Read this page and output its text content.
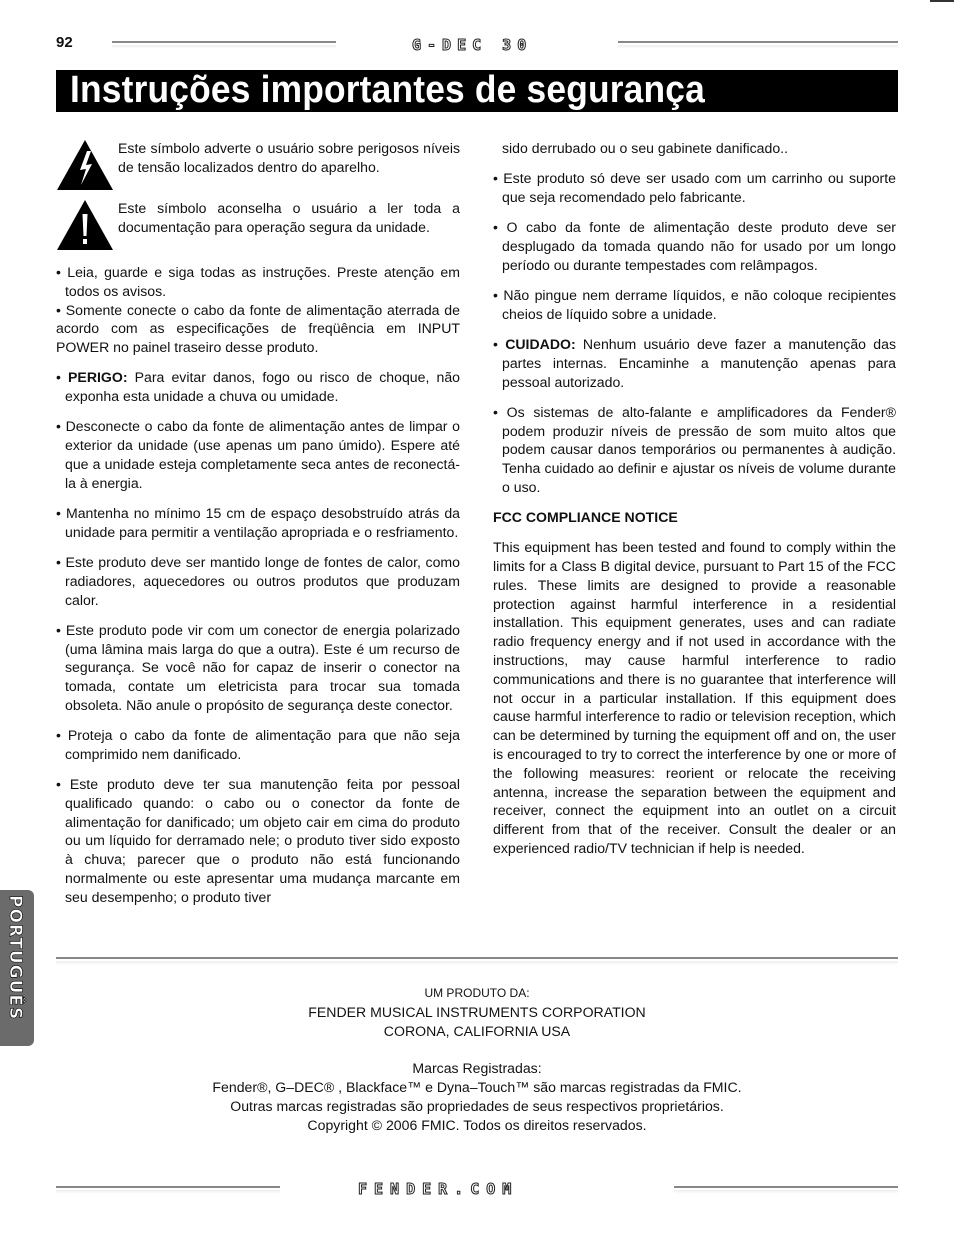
92	G-DEC 30
Instruções importantes de segurança
Este símbolo adverte o usuário sobre perigosos níveis de tensão localizados dentro do aparelho.
Este símbolo aconselha o usuário a ler toda a documentação para operação segura da unidade.

• Leia, guarde e siga todas as instruções. Preste atenção em todos os avisos.

• Somente conecte o cabo da fonte de alimentação aterrada de acordo com as especificações de freqüência em INPUT POWER no painel traseiro desse produto.

• PERIGO: Para evitar danos, fogo ou risco de choque, não exponha esta unidade a chuva ou umidade.

• Desconecte o cabo da fonte de alimentação antes de limpar o exterior da unidade (use apenas um pano úmido). Espere até que a unidade esteja completamente seca antes de reconectá-la à energia.

• Mantenha no mínimo 15 cm de espaço desobstruído atrás da unidade para permitir a ventilação apropriada e o resfriamento.

• Este produto deve ser mantido longe de fontes de calor, como radiadores, aquecedores ou outros produtos que produzam calor.

• Este produto pode vir com um conector de energia polarizado (uma lâmina mais larga do que a outra). Este é um recurso de segurança. Se você não for capaz de inserir o conector na tomada, contate um eletricista para trocar sua tomada obsoleta. Não anule o propósito de segurança deste conector.

• Proteja o cabo da fonte de alimentação para que não seja comprimido nem danificado.

• Este produto deve ter sua manutenção feita por pessoal qualificado quando: o cabo ou o conector da fonte de alimentação for danificado; um objeto cair em cima do produto ou um líquido for derramado nele; o produto tiver sido exposto à chuva; parecer que o produto não está funcionando normalmente ou este apresentar uma mudança marcante em seu desempenho; o produto tiver

sido derrubado ou o seu gabinete danificado..

• Este produto só deve ser usado com um carrinho ou suporte que seja recomendado pelo fabricante.

• O cabo da fonte de alimentação deste produto deve ser desplugado da tomada quando não for usado por um longo período ou durante tempestades com relâmpagos.

• Não pingue nem derrame líquidos, e não coloque recipientes cheios de líquido sobre a unidade.

• CUIDADO: Nenhum usuário deve fazer a manutenção das partes internas. Encaminhe a manutenção apenas para pessoal autorizado.

• Os sistemas de alto-falante e amplificadores da Fender® podem produzir níveis de pressão de som muito altos que podem causar danos temporários ou permanentes à audição. Tenha cuidado ao definir e ajustar os níveis de volume durante o uso.

FCC COMPLIANCE NOTICE

This equipment has been tested and found to comply within the limits for a Class B digital device, pursuant to Part 15 of the FCC rules. These limits are designed to provide a reasonable protection against harmful interference in a residential installation. This equipment generates, uses and can radiate radio frequency energy and if not used in accordance with the instructions, may cause harmful interference to radio communications and there is no guarantee that interference will not occur in a particular installation. If this equipment does cause harmful interference to radio or television reception, which can be determined by turning the equipment off and on, the user is encouraged to try to correct the interference by one or more of the following measures: reorient or relocate the receiving antenna, increase the separation between the equipment and receiver, connect the equipment into an outlet on a circuit different from that of the receiver. Consult the dealer or an experienced radio/TV technician if help is needed.

PORTUGUÊS	UM PRODUTO DA:
FENDER MUSICAL INSTRUMENTS CORPORATION
CORONA, CALIFORNIA USA
Marcas Registradas:
Fender®, G–DEC® , Blackface™ e Dyna–Touch™ são marcas registradas da FMIC.
Outras marcas registradas são propriedades de seus respectivos proprietários.
Copyright © 2006 FMIC. Todos os direitos reservados.
FENDER.COM
